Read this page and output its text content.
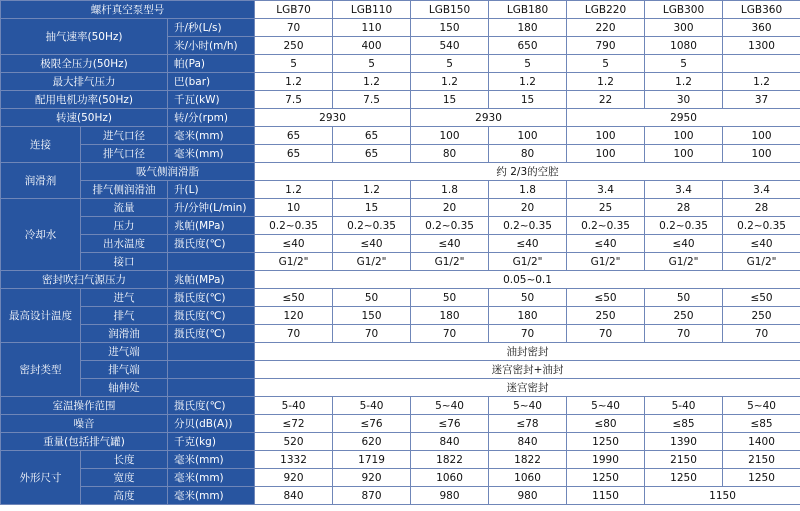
螺杆真空泵型号			LGB70	LGB110	LGB150	LGB180	LGB220	LGB300	LGB360
抽气速率(50Hz)		升/秒(L/s)	70	110	150	180	220	300	360
		米/小时(m/h)	250	400	540	650	790	1080	1300
极限全压力(50Hz)		帕(Pa)	5	5	5	5	5	5	
最大排气压力		巴(bar)	1.2	1.2	1.2	1.2	1.2	1.2	1.2
配用电机功率(50Hz)		千瓦(kW)	7.5	7.5	15	15	22	30	37
转速(50Hz)		转/分(rpm)	2930		2930		2950		
连接	进气口径	毫米(mm)	65	65	100	100	100	100	100
	排气口径	毫米(mm)	65	65	80	80	100	100	100
润滑剂	吸气侧润滑脂		约 2/3的空腔						
	排气侧润滑油	升(L)	1.2	1.2	1.8	1.8	3.4	3.4	3.4
冷却水	流量	升/分钟(L/min)	10	15	20	20	25	28	28
	压力	兆帕(MPa)	0.2~0.35	0.2~0.35	0.2~0.35	0.2~0.35	0.2~0.35	0.2~0.35	0.2~0.35
	出水温度	摄氏度(℃)	≤40	≤40	≤40	≤40	≤40	≤40	≤40
	接口		G1/2"	G1/2"	G1/2"	G1/2"	G1/2"	G1/2"	G1/2"
密封吹扫气源压力		兆帕(MPa)	0.05~0.1						
最高设计温度	进气	摄氏度(℃)	≤50	50	50	50	≤50	50	≤50
	排气	摄氏度(℃)	120	150	180	180	250	250	250
	润滑油	摄氏度(℃)	70	70	70	70	70	70	70
密封类型	进气端		油封密封						
	排气端		迷宫密封+油封						
	轴伸处		迷宫密封						
室温操作范围		摄氏度(℃)	5-40	5-40	5~40	5~40	5~40	5-40	5~40
噪音		分贝(dB(A))	≤72	≤76	≤76	≤78	≤80	≤85	≤85
重量(包括排气罐)		千克(kg)	520	620	840	840	1250	1390	1400
外形尺寸	长度	毫米(mm)	1332	1719	1822	1822	1990	2150	2150
	宽度	毫米(mm)	920	920	1060	1060	1250	1250	1250
	高度	毫米(mm)	840	870	980	980	1150	1150	
